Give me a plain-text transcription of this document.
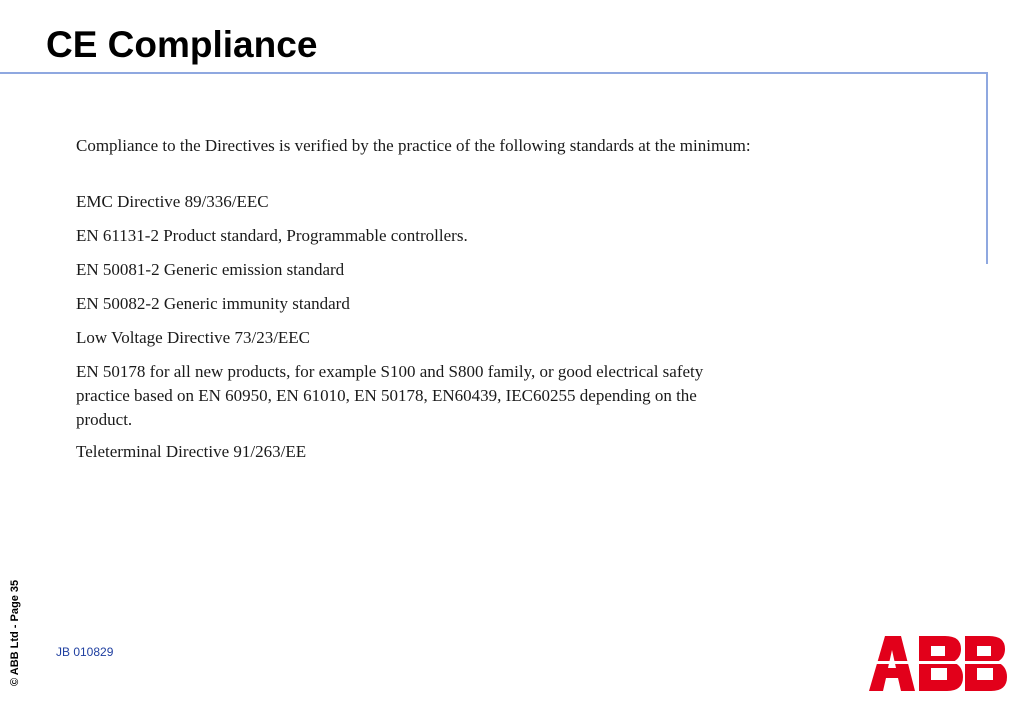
CE Compliance

Compliance to the Directives is verified by the practice of the following standards at the minimum:

EMC Directive 89/336/EEC

EN 61131-2 Product standard, Programmable controllers.

EN 50081-2 Generic emission standard

EN 50082-2 Generic immunity standard

Low Voltage Directive 73/23/EEC

EN 50178 for all new products, for example S100 and S800 family, or good electrical safety practice based on EN 60950, EN 61010, EN 50178, EN60439, IEC60255 depending on the product.

Teleterminal Directive 91/263/EE

© ABB Ltd - Page 35	JB 010829
